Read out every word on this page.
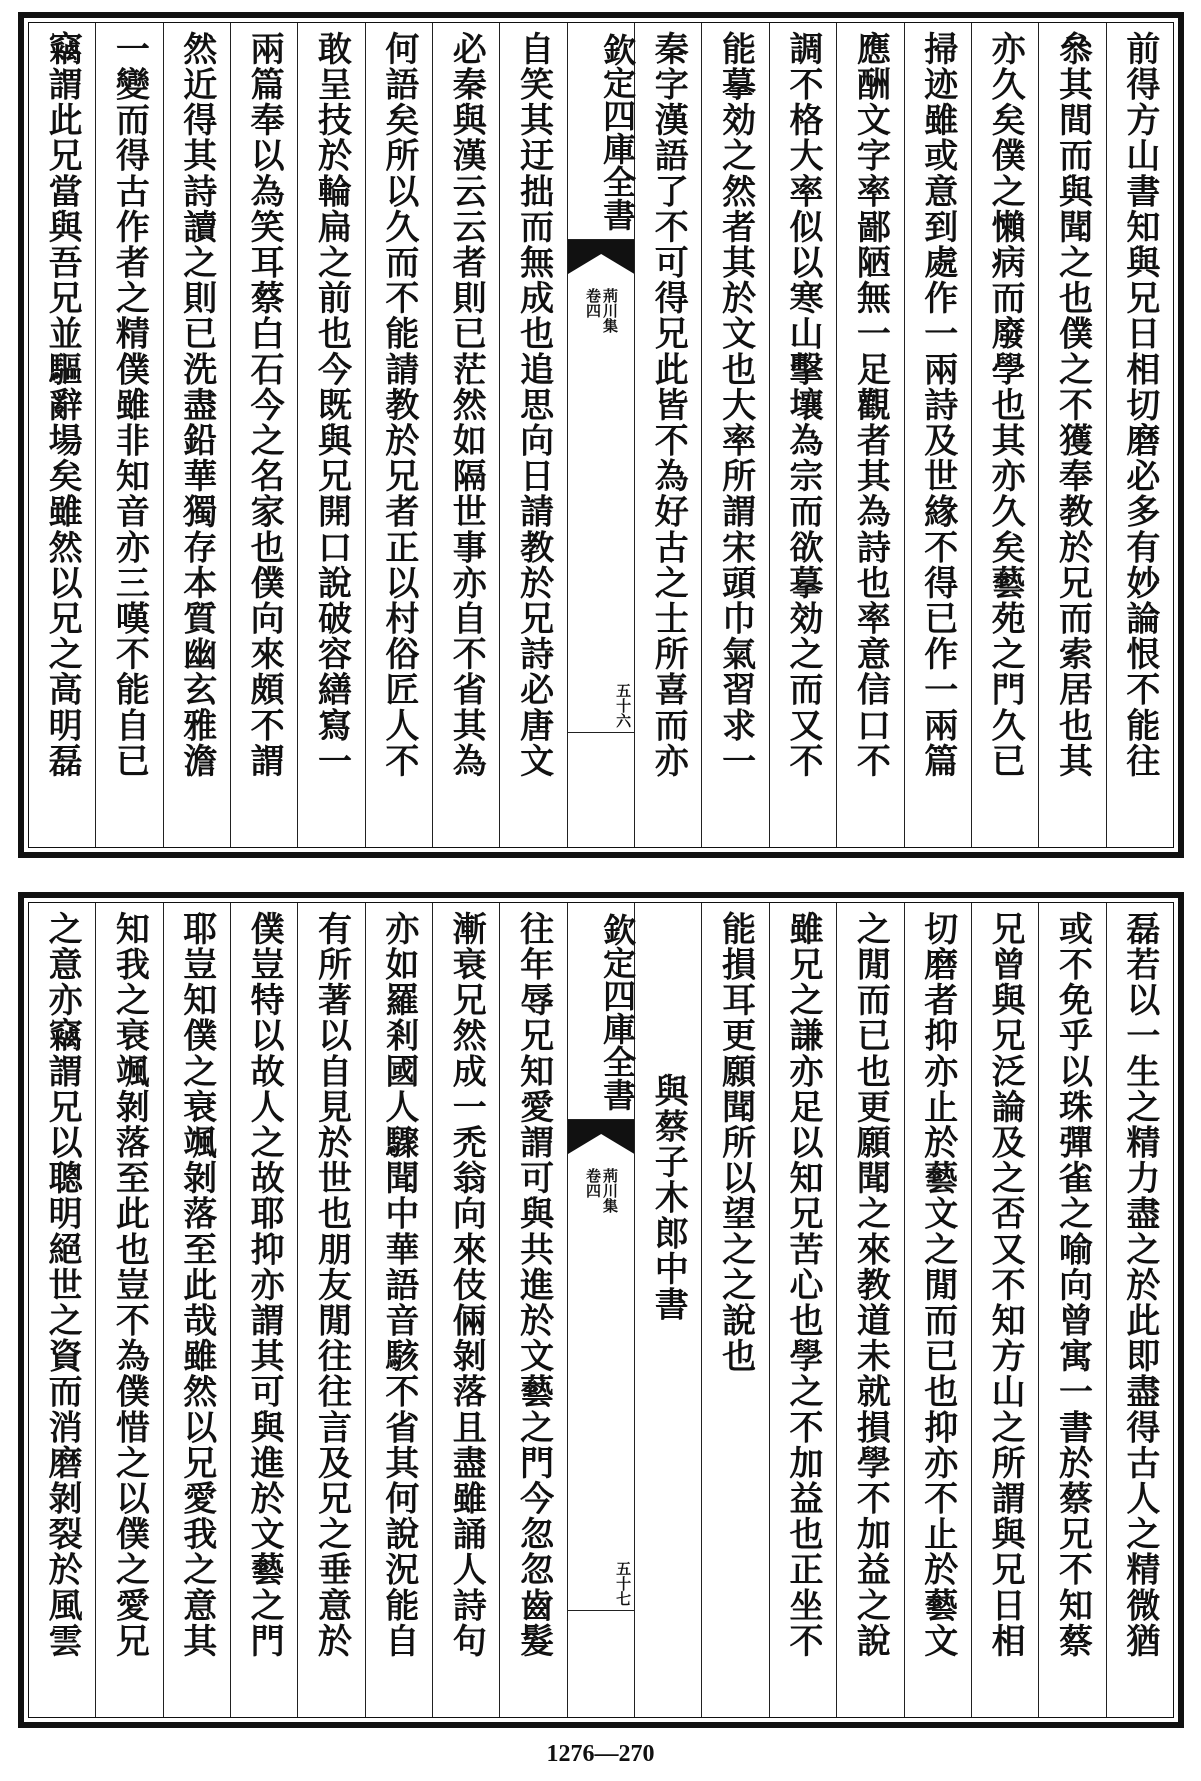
前得方山書知與兄日相切磨必多有妙論恨不能往
叅其間而與聞之也僕之不獲奉教於兄而索居也其
亦久矣僕之懶病而廢學也其亦久矣藝苑之門久已
掃迹雖或意到處作一兩詩及世緣不得已作一兩篇
應酬文字率鄙陋無一足觀者其為詩也率意信口不
調不格大率似以寒山擊壤為宗而欲摹効之而又不
能摹効之然者其於文也大率所謂宋頭巾氣習求一
秦字漢語了不可得兄此皆不為好古之士所喜而亦
欽定四庫全書
荊川集
卷四
五十六
自笑其迂拙而無成也追思向日請教於兄詩必唐文
必秦與漢云云者則已茫然如隔世事亦自不省其為
何語矣所以久而不能請教於兄者正以村俗匠人不
敢呈技於輪扁之前也今既與兄開口說破容繕寫一
兩篇奉以為笑耳蔡白石今之名家也僕向來頗不謂
然近得其詩讀之則已洗盡鉛華獨存本質幽玄雅澹
一變而得古作者之精僕雖非知音亦三嘆不能自已
竊謂此兄當與吾兄並驅辭場矣雖然以兄之高明磊
磊若以一生之精力盡之於此即盡得古人之精微猶
或不免乎以珠彈雀之喻向曾寓一書於蔡兄不知蔡
兄曾與兄泛論及之否又不知方山之所謂與兄日相
切磨者抑亦止於藝文之閒而已也抑亦不止於藝文
之閒而已也更願聞之來教道未就損學不加益之說
雖兄之謙亦足以知兄苦心也學之不加益也正坐不
能損耳更願聞所以望之之說也
與蔡子木郎中書
欽定四庫全書
荊川集
卷四
五十七
往年辱兄知愛謂可與共進於文藝之門今忽忽齒髮
漸衰兄然成一禿翁向來伎倆剝落且盡雖誦人詩句
亦如羅剎國人驟聞中華語音駭不省其何說況能自
有所著以自見於世也朋友閒往往言及兄之垂意於
僕豈特以故人之故耶抑亦謂其可與進於文藝之門
耶豈知僕之衰颯剝落至此哉雖然以兄愛我之意其
知我之衰颯剝落至此也豈不為僕惜之以僕之愛兄
之意亦竊謂兄以聰明絕世之資而消磨剝裂於風雲
1276—270
